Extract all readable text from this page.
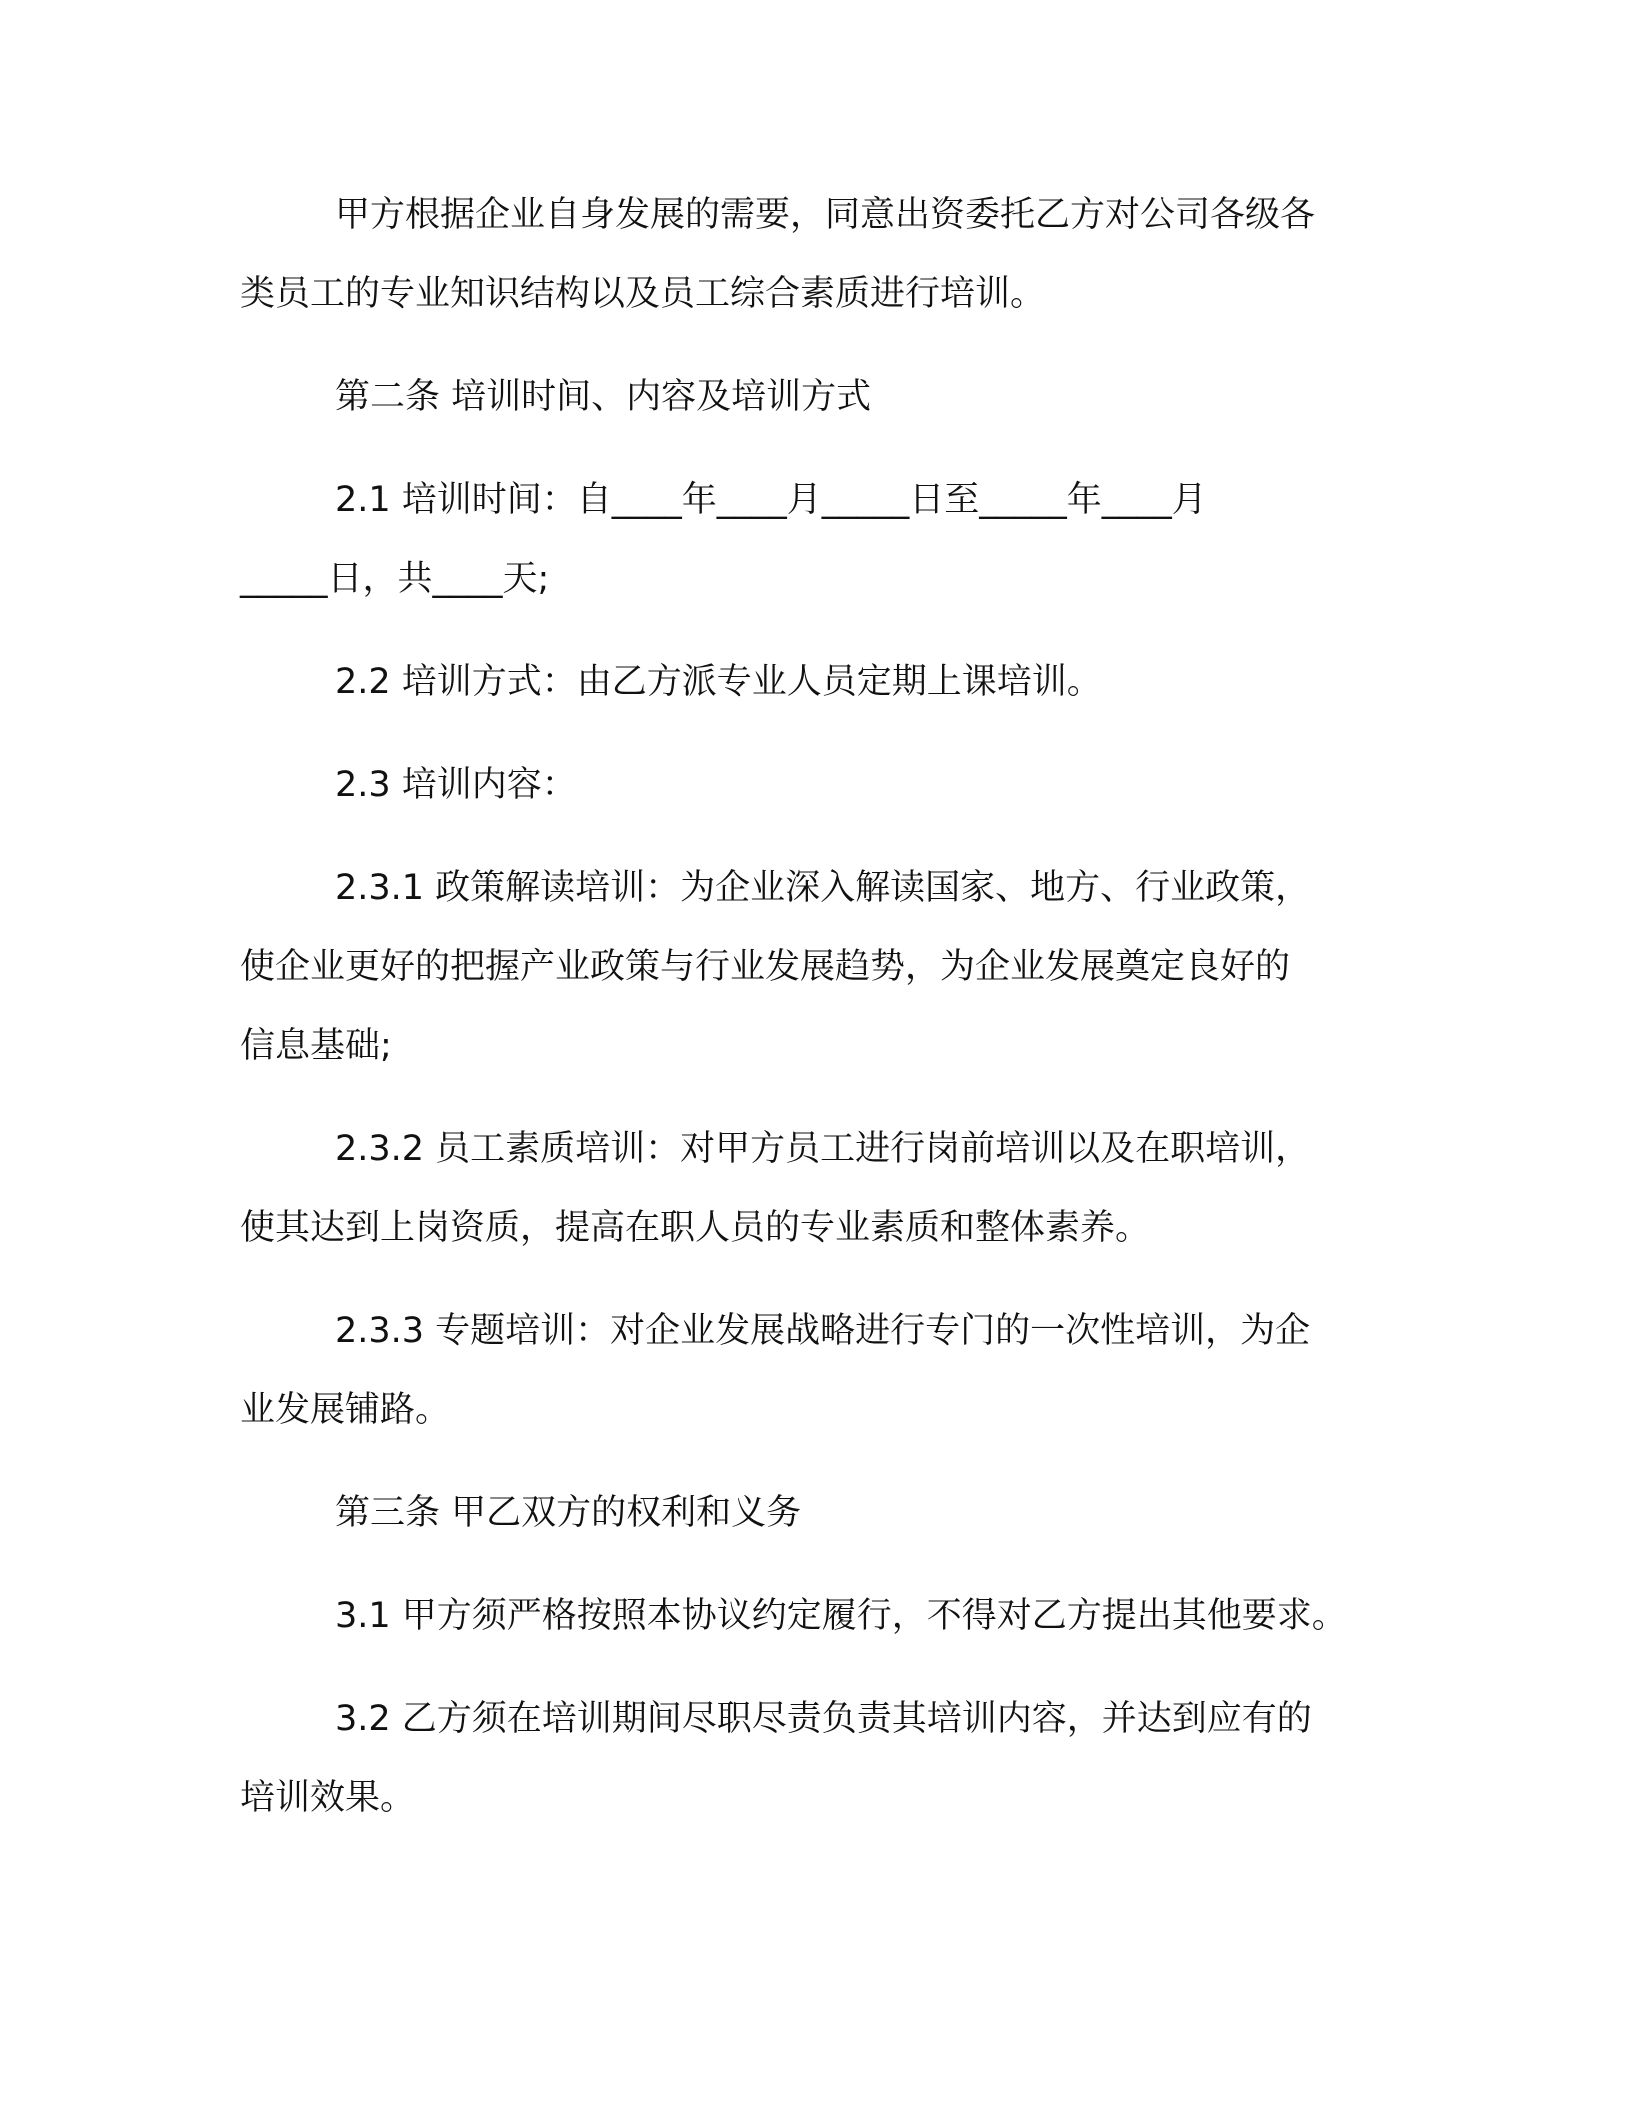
甲方根据企业自身发展的需要，同意出资委托乙方对公司各级各

类员工的专业知识结构以及员工综合素质进行培训。

第二条 培训时间、内容及培训方式

2.1 培训时间：自____年____月_____日至_____年____月

_____日，共____天;

2.2 培训方式：由乙方派专业人员定期上课培训。

2.3 培训内容：

2.3.1 政策解读培训：为企业深入解读国家、地方、行业政策，

使企业更好的把握产业政策与行业发展趋势，为企业发展奠定良好的

信息基础;

2.3.2 员工素质培训：对甲方员工进行岗前培训以及在职培训，

使其达到上岗资质，提高在职人员的专业素质和整体素养。

2.3.3 专题培训：对企业发展战略进行专门的一次性培训，为企

业发展铺路。

第三条 甲乙双方的权利和义务

3.1 甲方须严格按照本协议约定履行，不得对乙方提出其他要求。

3.2 乙方须在培训期间尽职尽责负责其培训内容，并达到应有的

培训效果。
